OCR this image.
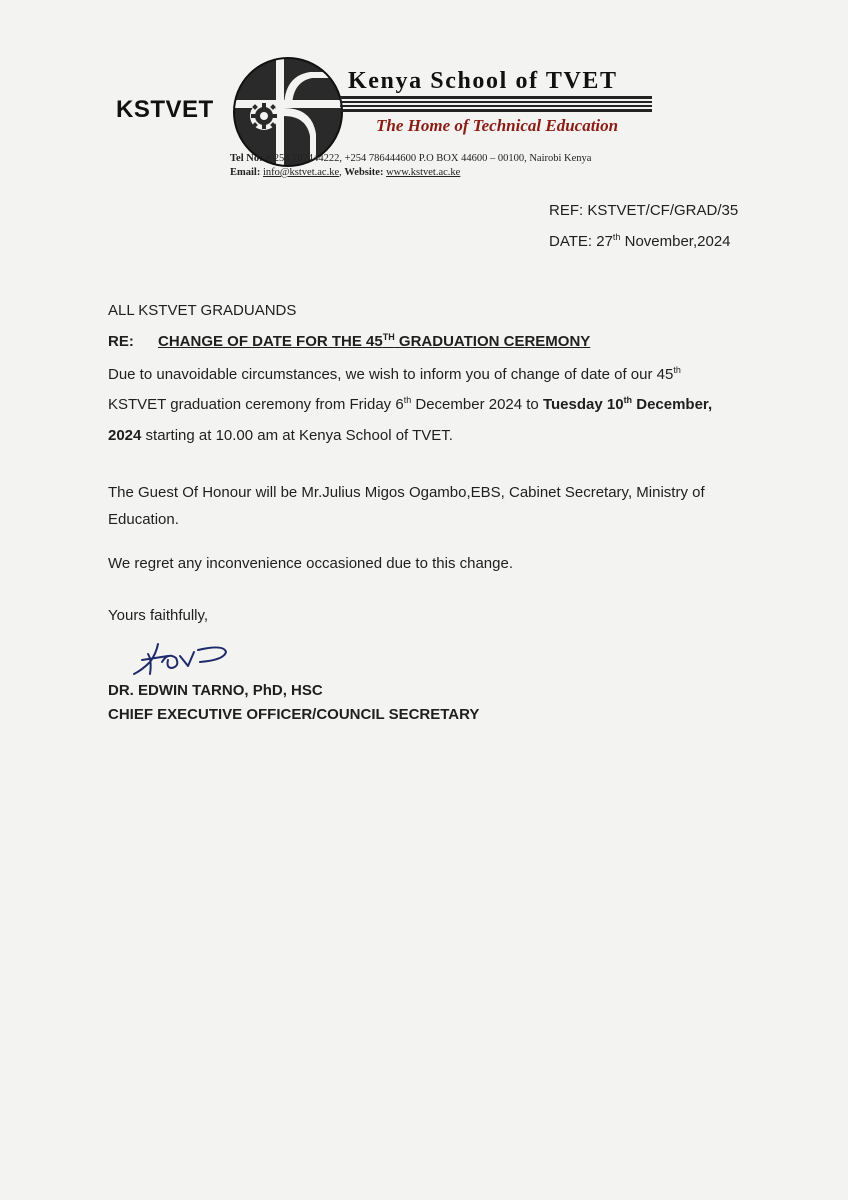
KSTVET
Kenya School of TVET
The Home of Technical Education
Tel No: + 254 707444222, +254 786444600 P.O BOX 44600 – 00100, Nairobi Kenya
Email: info@kstvet.ac.ke, Website: www.kstvet.ac.ke
REF: KSTVET/CF/GRAD/35
DATE: 27th November,2024
ALL KSTVET GRADUANDS
RE: CHANGE OF DATE FOR THE 45TH GRADUATION CEREMONY
Due to unavoidable circumstances, we wish to inform you of change of date of our 45th
KSTVET graduation ceremony from Friday 6th December 2024 to Tuesday 10th December,
2024 starting at 10.00 am at Kenya School of TVET.
The Guest Of Honour will be Mr.Julius Migos Ogambo,EBS, Cabinet Secretary, Ministry of
Education.
We regret any inconvenience occasioned due to this change.
Yours faithfully,
DR. EDWIN TARNO, PhD, HSC
CHIEF EXECUTIVE OFFICER/COUNCIL SECRETARY
